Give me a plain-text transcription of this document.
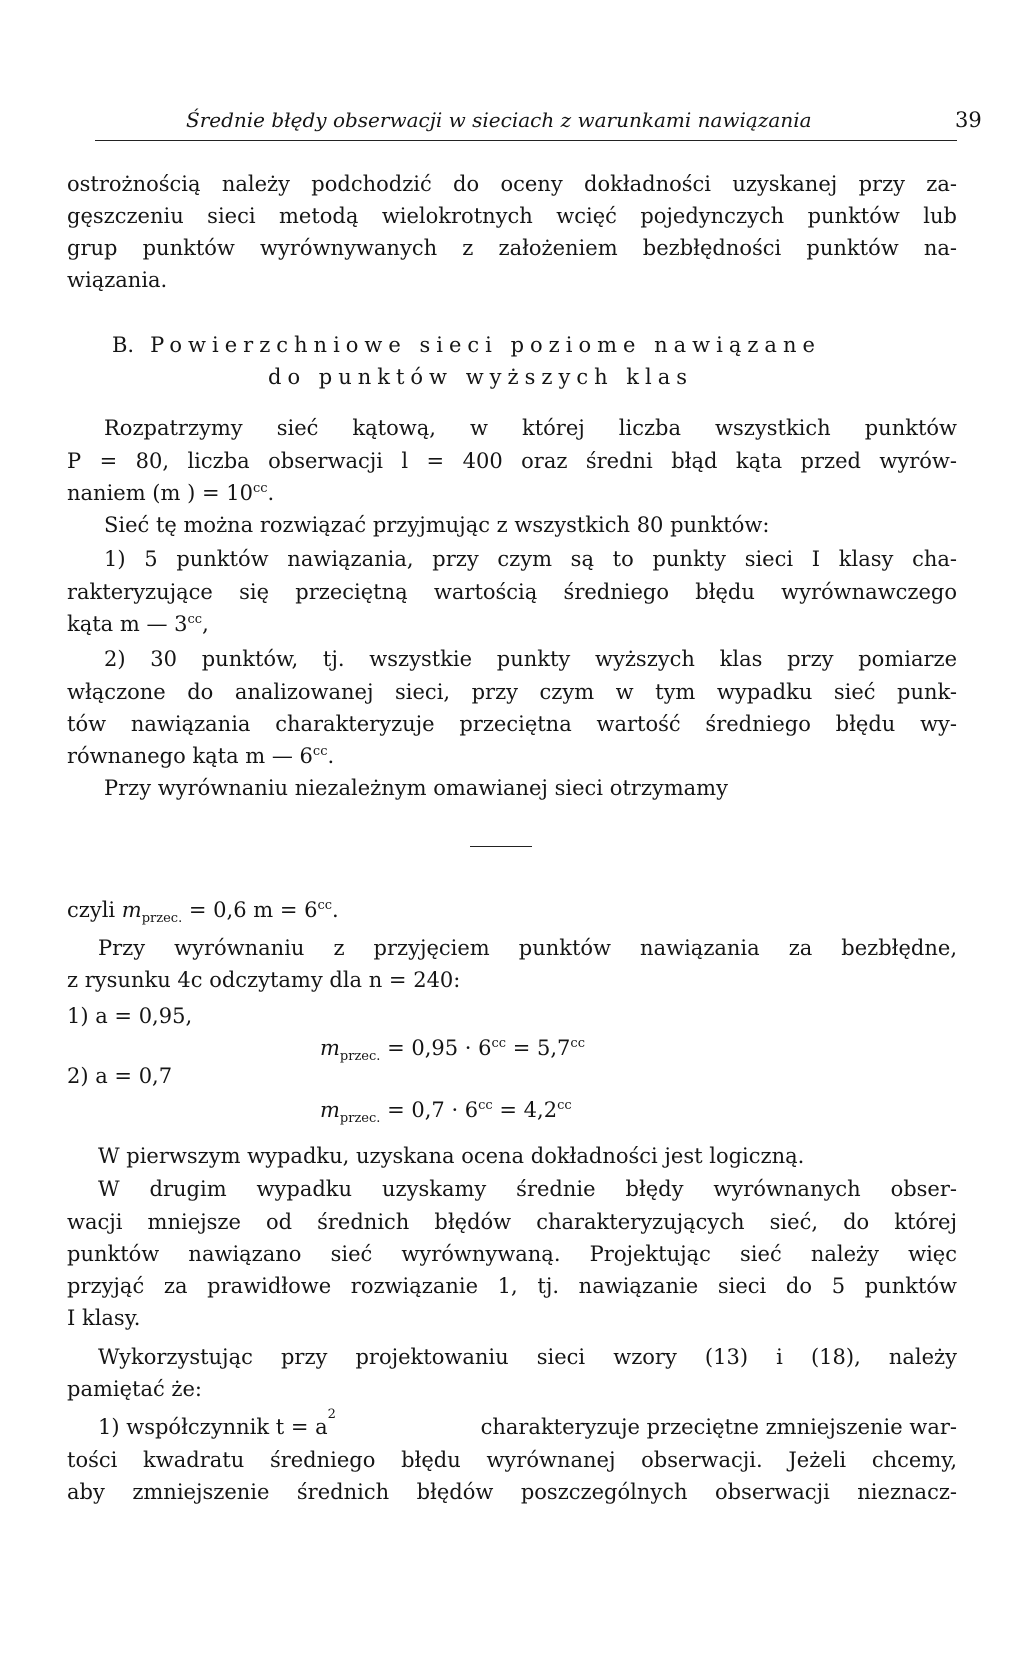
Średnie błędy obserwacji w sieciach z warunkami nawiązania	39
ostrożnością należy podchodzić do oceny dokładności uzyskanej przy za-
gęszczeniu sieci metodą wielokrotnych wcięć pojedynczych punktów lub
grup punktów wyrównywanych z założeniem bezbłędności punktów na-
wiązania.
B. Powierzchniowe sieci poziome nawiązane
do punktów wyższych klas
Rozpatrzymy sieć kątową, w której liczba wszystkich punktów
P = 80, liczba obserwacji l = 400 oraz średni błąd kąta przed wyrów-
naniem (m ) = $10^{cc}$.
Sieć tę można rozwiązać przyjmując z wszystkich 80 punktów:
1) 5 punktów nawiązania, przy czym są to punkty sieci I klasy cha-
rakteryzujące się przeciętną wartością średniego błędu wyrównawczego
kąta m — $3^{cc}$,
2) 30 punktów, tj. wszystkie punkty wyższych klas przy pomiarze
włączone do analizowanej sieci, przy czym w tym wypadku sieć punk-
tów nawiązania charakteryzuje przeciętna wartość średniego błędu wy-
równanego kąta m — $6^{cc}$.
Przy wyrównaniu niezależnym omawianej sieci otrzymamy
czyli $m_{przec.} = 0,6$ $m = 6^{cc}$.
Przy wyrównaniu z przyjęciem punktów nawiązania za bezbłędne,
z rysunku 4c odczytamy dla n = 240:
1) a = 0,95,
$m_{przec.} = 0,95 \cdot 6^{cc} = 5,7^{cc}$
2) a = 0,7
$m_{przec.} = 0,7 \cdot 6^{cc} = 4,2^{cc}$
W pierwszym wypadku, uzyskana ocena dokładności jest logiczną.
W drugim wypadku uzyskamy średnie błędy wyrównanych obser-
wacji mniejsze od średnich błędów charakteryzujących sieć, do której
punktów nawiązano sieć wyrównywaną. Projektując sieć należy więc
przyjąć za prawidłowe rozwiązanie 1, tj. nawiązanie sieci do 5 punktów
I klasy.
Wykorzystując przy projektowaniu sieci wzory (13) i (18), należy
pamiętać że:
1) współczynnik t = a
2
charakteryzuje przeciętne zmniejszenie war-
tości kwadratu średniego błędu wyrównanej obserwacji. Jeżeli chcemy,
aby zmniejszenie średnich błędów poszczególnych obserwacji nieznacz-
